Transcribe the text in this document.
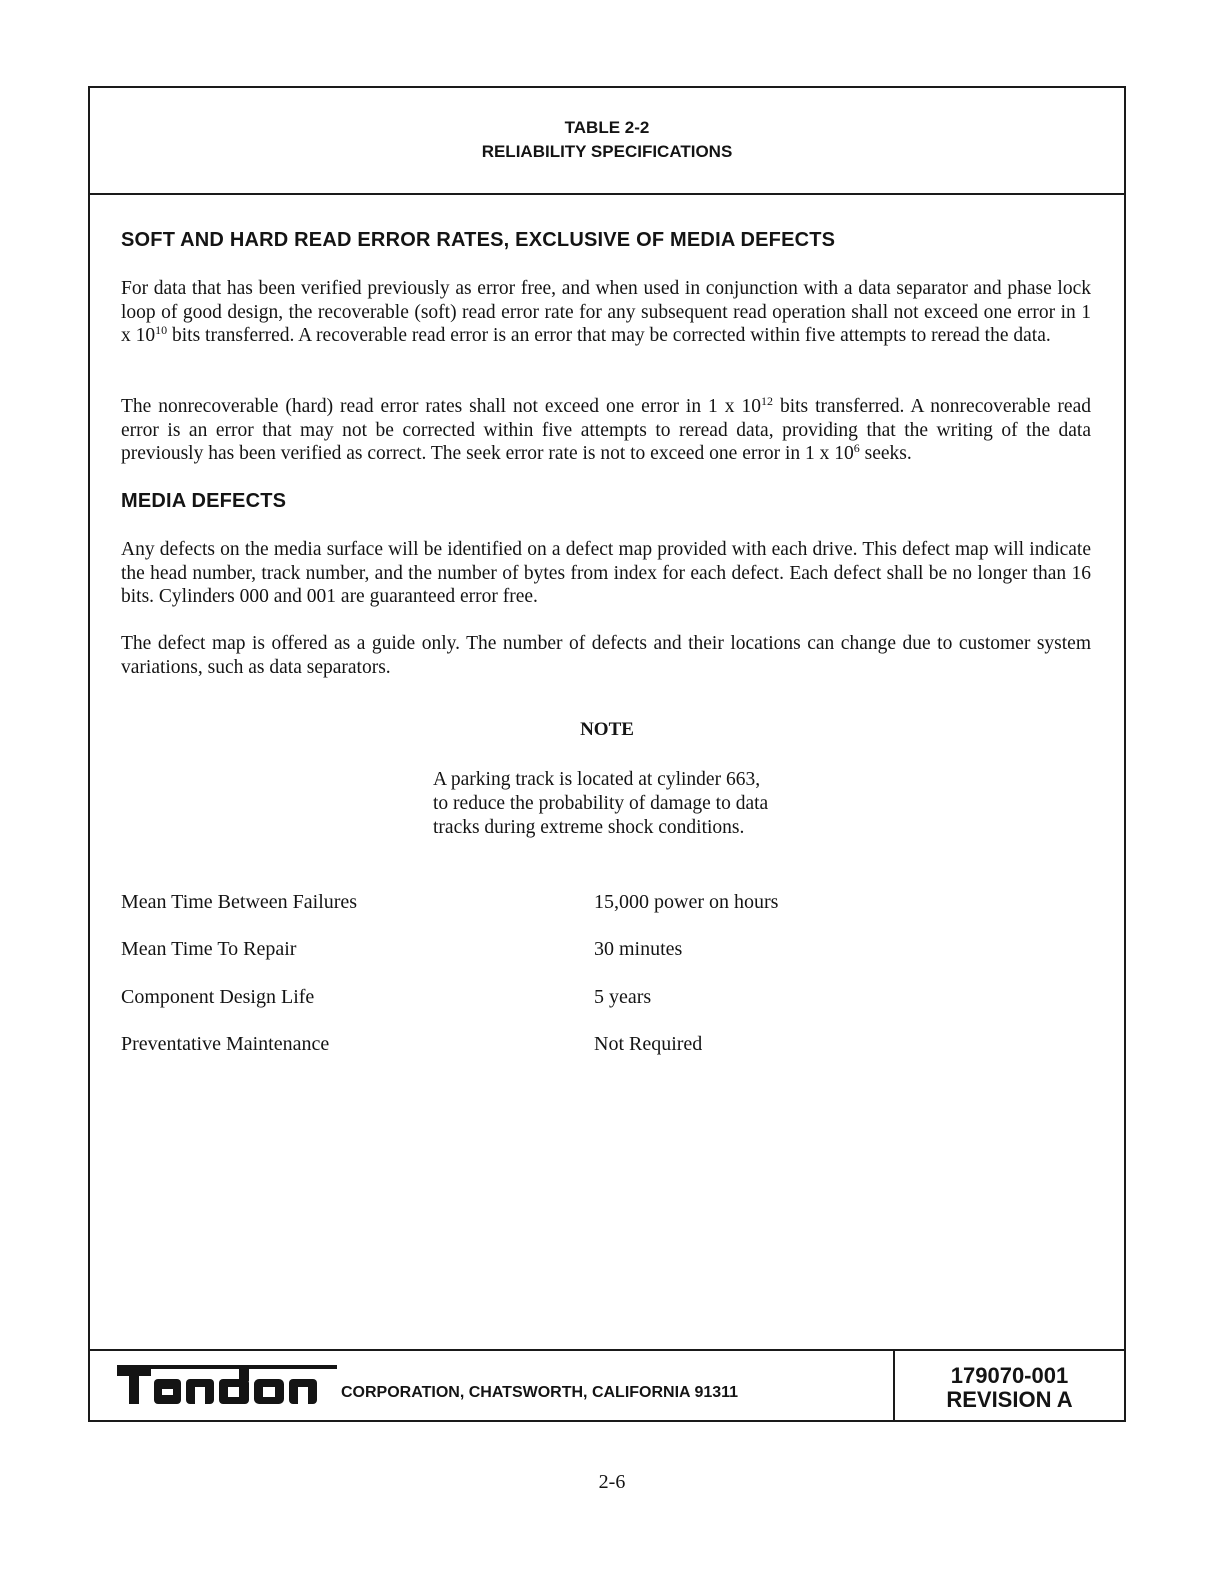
TABLE 2-2
RELIABILITY SPECIFICATIONS
SOFT AND HARD READ ERROR RATES, EXCLUSIVE OF MEDIA DEFECTS
For data that has been verified previously as error free, and when used in conjunction with a data separator and phase lock loop of good design, the recoverable (soft) read error rate for any subsequent read operation shall not exceed one error in 1 x $10^{10}$ bits transferred. A recoverable read error is an error that may be corrected within five attempts to reread the data.
The nonrecoverable (hard) read error rates shall not exceed one error in 1 x $10^{12}$ bits transferred. A nonrecoverable read error is an error that may not be corrected within five attempts to reread data, providing that the writing of the data previously has been verified as correct. The seek error rate is not to exceed one error in 1 x $10^6$ seeks.
MEDIA DEFECTS
Any defects on the media surface will be identified on a defect map provided with each drive. This defect map will indicate the head number, track number, and the number of bytes from index for each defect. Each defect shall be no longer than 16 bits. Cylinders 000 and 001 are guaranteed error free.
The defect map is offered as a guide only. The number of defects and their locations can change due to customer system variations, such as data separators.
NOTE
A parking track is located at cylinder 663,
to reduce the probability of damage to data
tracks during extreme shock conditions.
Mean Time Between Failures	15,000 power on hours
Mean Time To Repair	30 minutes
Component Design Life	5 years
Preventative Maintenance	Not Required
CORPORATION, CHATSWORTH, CALIFORNIA 91311
179070-001
REVISION A
2-6
